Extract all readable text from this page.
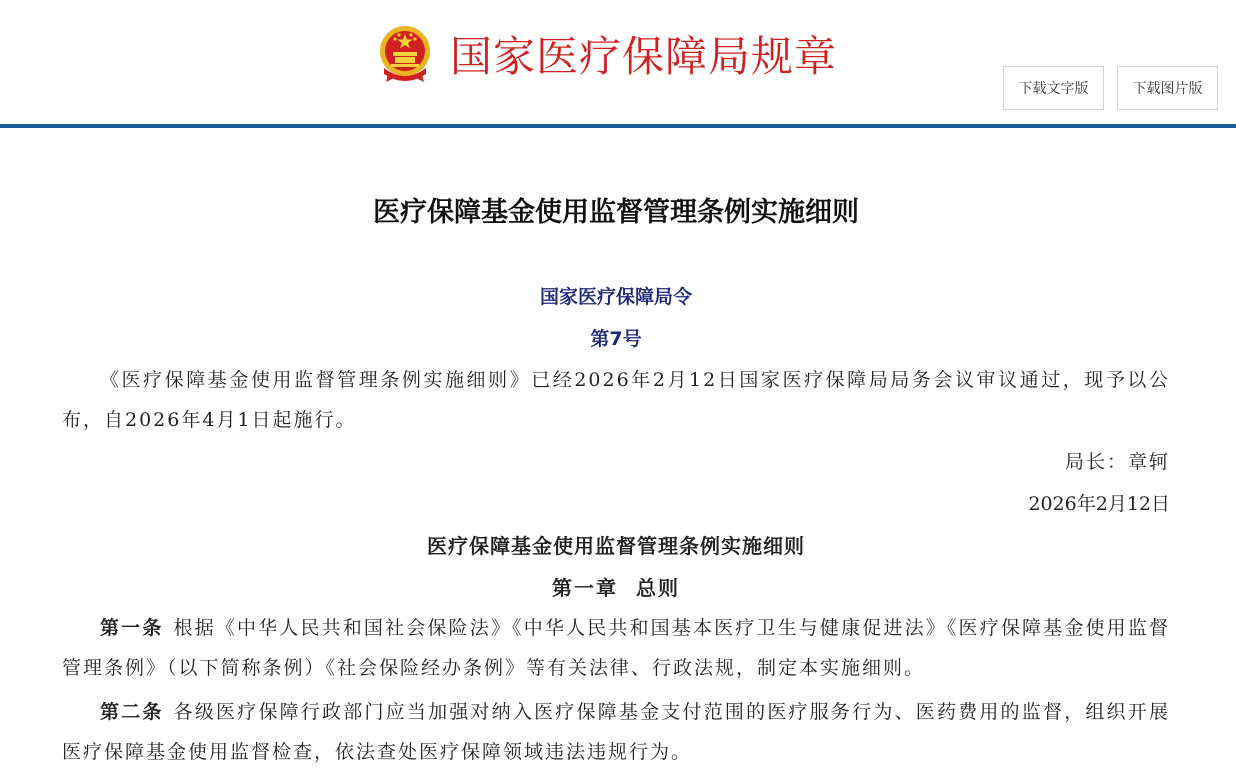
国家医疗保障局规章
下载文字版	下载图片版
医疗保障基金使用监督管理条例实施细则
国家医疗保障局令
第7号
《医疗保障基金使用监督管理条例实施细则》已经2026年2月12日国家医疗保障局局务会议审议通过，现予以公布，自2026年4月1日起施行。
局长：章轲
2026年2月12日
医疗保障基金使用监督管理条例实施细则
第一章  总则
第一条 根据《中华人民共和国社会保险法》《中华人民共和国基本医疗卫生与健康促进法》《医疗保障基金使用监督管理条例》（以下简称条例）《社会保险经办条例》等有关法律、行政法规，制定本实施细则。
第二条 各级医疗保障行政部门应当加强对纳入医疗保障基金支付范围的医疗服务行为、医药费用的监督，组织开展医疗保障基金使用监督检查，依法查处医疗保障领域违法违规行为。
